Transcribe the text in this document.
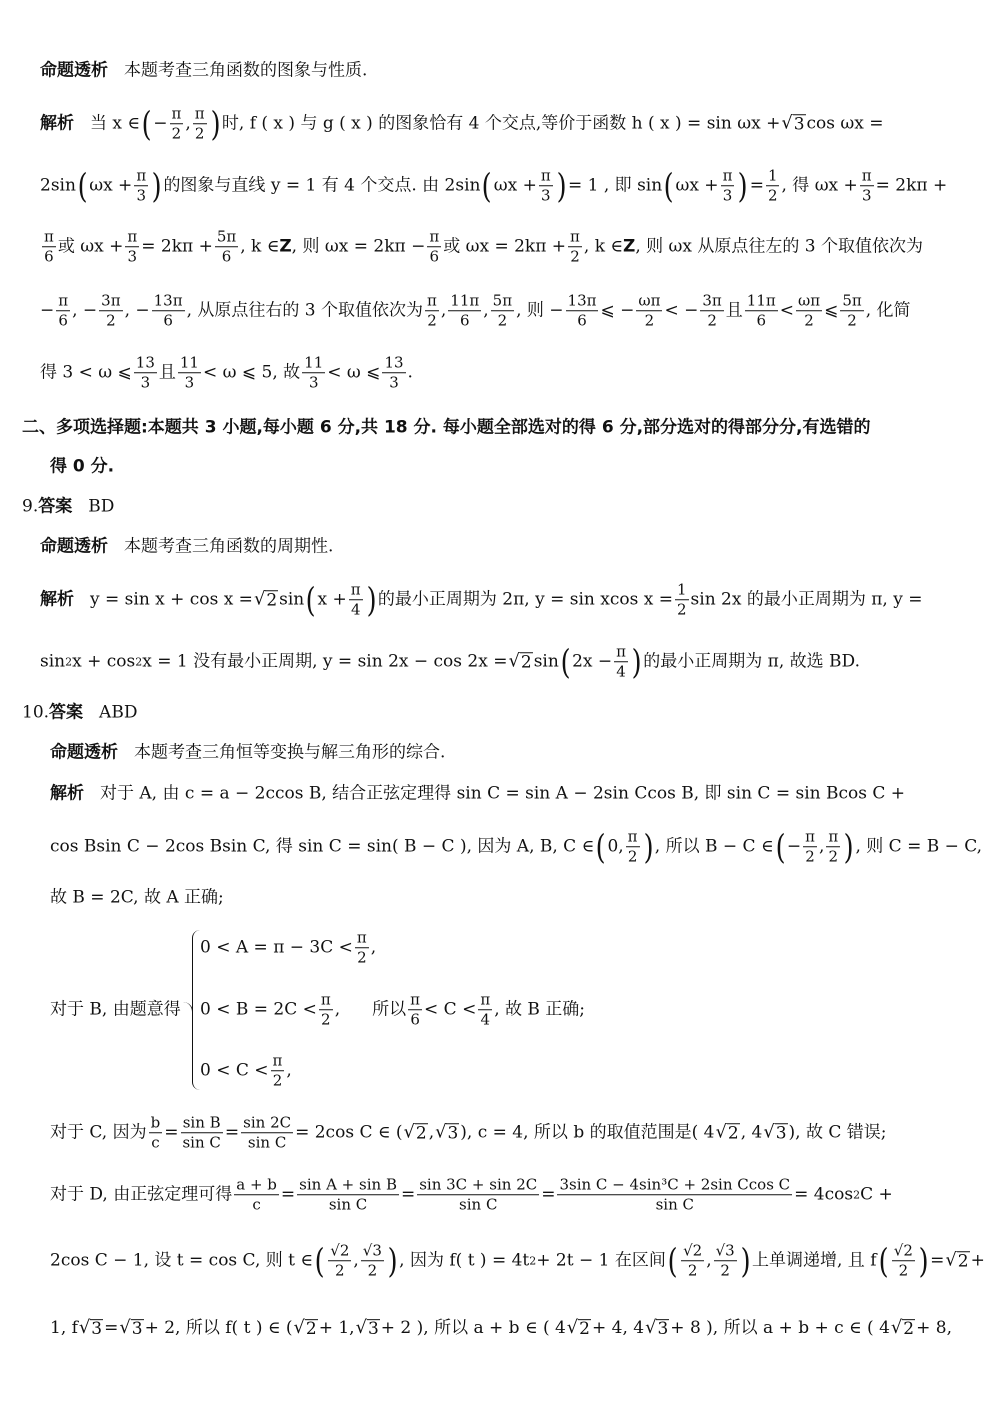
命题透析 本题考查三角函数的图象与性质.
解析 当 x ∈ ( − $\frac{\pi}{2}$ , $\frac{\pi}{2}$ ) 时, f ( x ) 与 g ( x ) 的图象恰有 4 个交点,等价于函数 h ( x ) = sin ωx + √ 3 cos ωx =
2sin ( $\omega x + \frac{\pi}{3}$ ) 的图象与直线 y = 1 有 4 个交点. 由 2sin ( $\omega x + \frac{\pi}{3}$ ) = 1 , 即 sin ( $\omega x + \frac{\pi}{3}$ ) = $\frac{1}{2}$ , 得 $\omega x + \frac{\pi}{3} = 2k\pi$ +
$\frac{\pi}{6}$ 或 $\omega x + \frac{\pi}{3} = 2k\pi + \frac{5\pi}{6}$ , k ∈ Z , 则 $\omega x = 2k\pi - \frac{\pi}{6}$ 或 $\omega x = 2k\pi + \frac{\pi}{2}$ , k ∈ Z , 则 ωx 从原点往左的 3 个取值依次为
− $\frac{\pi}{6}$ , − $\frac{3\pi}{2}$ , − $\frac{13\pi}{6}$ , 从原点往右的 3 个取值依次为 $\frac{\pi}{2}$ , $\frac{11\pi}{6}$ , $\frac{5\pi}{2}$ , 则 − $\frac{13\pi}{6}$ ⩽ − $\frac{\omega\pi}{2}$ < − $\frac{3\pi}{2}$ 且 $\frac{11\pi}{6} < \frac{\omega\pi}{2}$ ⩽ $\frac{5\pi}{2}$ , 化简
得 3 < ω ⩽ $\frac{13}{3}$ 且 $\frac{11}{3} < \omega$ ⩽ 5, 故 $\frac{11}{3} < \omega$ ⩽ $\frac{13}{3}$ .
二、多项选择题:本题共 3 小题,每小题 6 分,共 18 分. 每小题全部选对的得 6 分,部分选对的得部分分,有选错的
得 0 分.
9. 答案 BD
命题透析 本题考查三角函数的周期性.
解析 y = sin x + cos x = √ 2 sin ( $x + \frac{\pi}{4}$ ) 的最小正周期为 2π, y = sin xcos $x = \frac{1}{2}$ sin 2x 的最小正周期为 π, y =
sin 2 x + cos 2 x = 1 没有最小正周期, y = sin 2x − cos 2x = √ 2 sin ( $2x - \frac{\pi}{4}$ ) 的最小正周期为 π, 故选 BD.
10. 答案 ABD
命题透析 本题考查三角恒等变换与解三角形的综合.
解析 对于 A, 由 c = a − 2ccos B, 结合正弦定理得 sin C = sin A − 2sin Ccos B, 即 sin C = sin Bcos C +
cos Bsin C − 2cos Bsin C, 得 sin C = sin( B − C ), 因为 A, B, C ∈ ( 0, $\frac{\pi}{2}$ ) , 所以 B − C ∈ ( − $\frac{\pi}{2}$ , $\frac{\pi}{2}$ ) , 则 C = B − C,
故 B = 2C, 故 A 正确;
$0 < A = \pi - 3C < \frac{\pi}{2}$ ,
对于 B, 由题意得 $0 < B = 2C < \frac{\pi}{2}$ , 所以 $\frac{\pi}{6} < C < \frac{\pi}{4}$ , 故 B 正确;
$0 < C < \frac{\pi}{2}$ ,
对于 C, 因为 $\frac{b}{c} = \frac{\text{sin B}}{\text{sin C}} = \frac{\sin 2C}{\text{sin C}} = 2\cos$ C ∈ ( √ 2 , √ 3 ), c = 4, 所以 b 的取值范围是( 4 √ 2 , 4 √ 3 ), 故 C 错误;
对于 D, 由正弦定理可得 $\frac{a + b}{c} = \frac{\text{sin A + sin B}}{\text{sin C}} = \frac{\sin 3C + \sin 2C}{\text{sin C}} = \frac{\text{3sin C − 4sin³C + 2sin Ccos C}}{\text{sin C}} = 4\cos$ 2 C +
2cos C − 1, 设 t = cos C, 则 t ∈ ( $\frac{√2}{2}$ , $\frac{√3}{2}$ ) , 因为 f( t ) = 4t 2 + 2t − 1 在区间 ( $\frac{√2}{2}$ , $\frac{√3}{2}$ ) 上单调递增, 且 f ( $\frac{√2}{2}$ ) = √ 2 +
1, f √ 3 = √ 3 + 2, 所以 f( t ) ∈ ( √ 2 + 1, √ 3 + 2 ), 所以 a + b ∈ ( 4 √ 2 + 4, 4 √ 3 + 8 ), 所以 a + b + c ∈ ( 4 √ 2 + 8,
